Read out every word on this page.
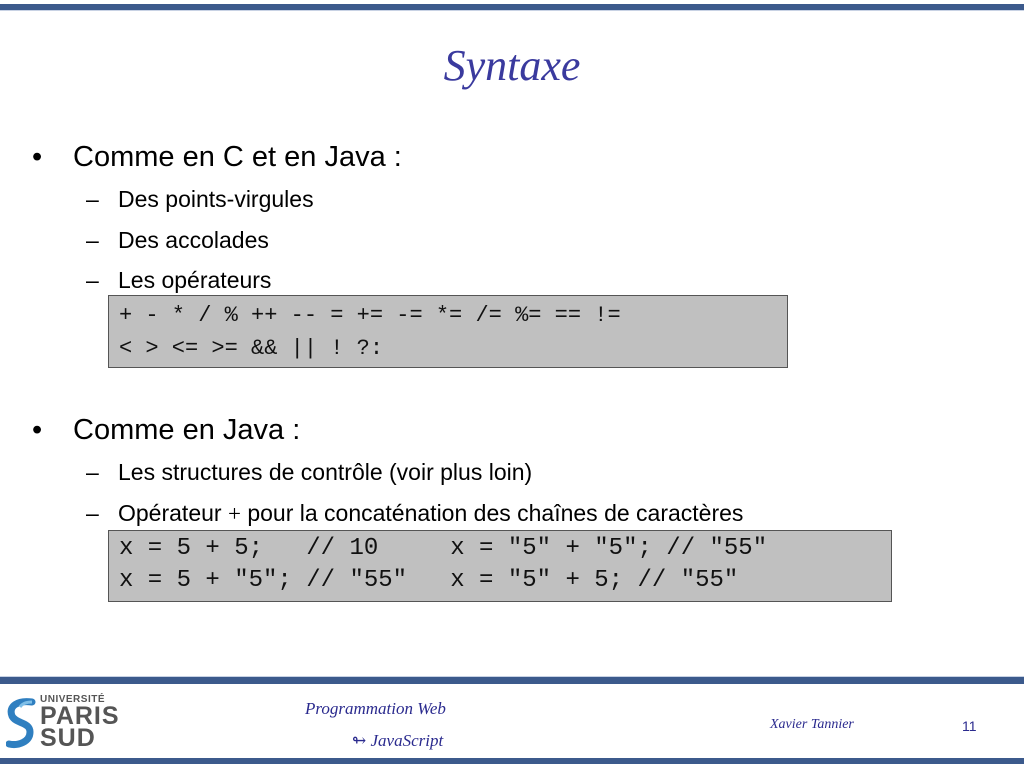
Syntaxe
•	Comme en C et en Java :
– Des points-virgules
– Des accolades
– Les opérateurs
+ - * / % ++ -- = += -= *= /= %= == !=
< > <= >= && || ! ?:
•	Comme en Java :
– Les structures de contrôle (voir plus loin)
– Opérateur + pour la concaténation des chaînes de caractères
x = 5 + 5;   // 10     x = "5" + "5"; // "55"
x = 5 + "5"; // "55"   x = "5" + 5; // "55"
UNIVERSITÉ
PARIS
SUD
Programmation Web
↬ JavaScript
Xavier Tannier	11
